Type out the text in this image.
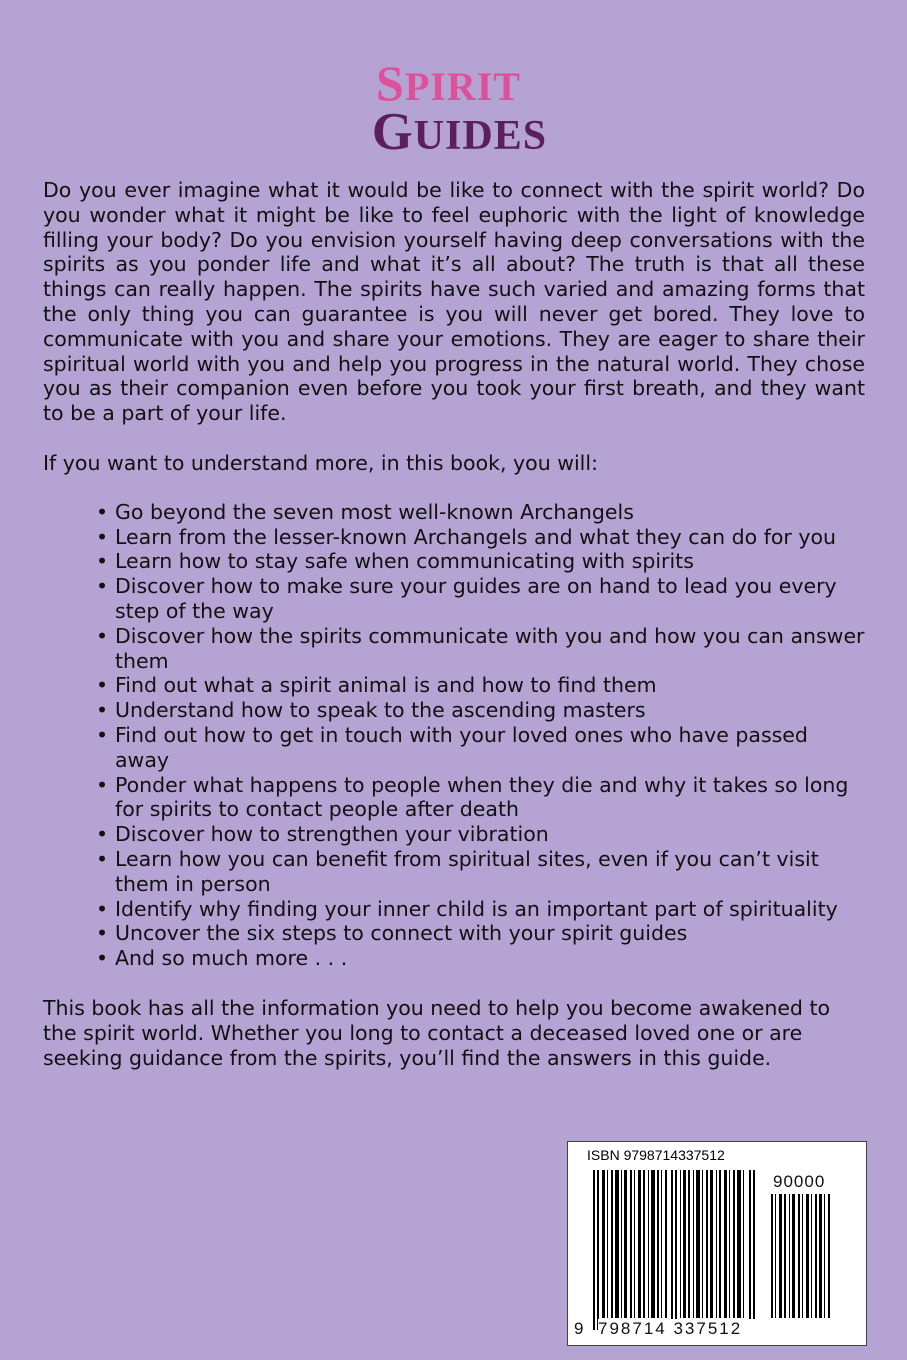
SPIRIT
GUIDES

Do you ever imagine what it would be like to connect with the spirit world? Do you wonder what it might be like to feel euphoric with the light of knowledge filling your body? Do you envision yourself having deep conversations with the spirits as you ponder life and what it’s all about? The truth is that all these things can really happen. The spirits have such varied and amazing forms that the only thing you can guarantee is you will never get bored. They love to communicate with you and share your emotions. They are eager to share their spiritual world with you and help you progress in the natural world. They chose you as their companion even before you took your first breath, and they want to be a part of your life.

If you want to understand more, in this book, you will:

• Go beyond the seven most well-known Archangels
• Learn from the lesser-known Archangels and what they can do for you
• Learn how to stay safe when communicating with spirits
• Discover how to make sure your guides are on hand to lead you every step of the way
• Discover how the spirits communicate with you and how you can answer them
• Find out what a spirit animal is and how to find them
• Understand how to speak to the ascending masters
• Find out how to get in touch with your loved ones who have passed away
• Ponder what happens to people when they die and why it takes so long for spirits to contact people after death
• Discover how to strengthen your vibration
• Learn how you can benefit from spiritual sites, even if you can’t visit them in person
• Identify why finding your inner child is an important part of spirituality
• Uncover the six steps to connect with your spirit guides
• And so much more . . .

This book has all the information you need to help you become awakened to the spirit world. Whether you long to contact a deceased loved one or are seeking guidance from the spirits, you’ll find the answers in this guide.

ISBN 9798714337512
90000
9 798714 337512
